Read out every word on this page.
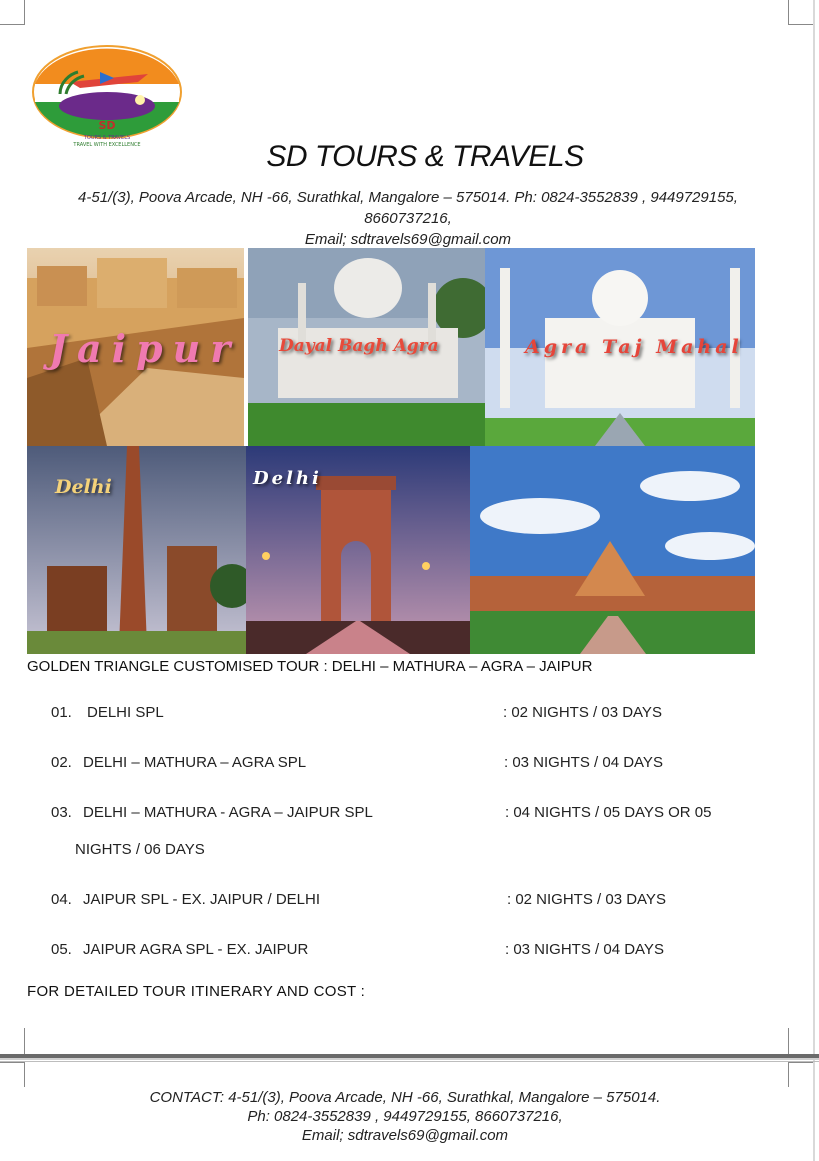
SD
TOURS & TRAVELS
TRAVEL WITH EXCELLENCE	SD TOURS & TRAVELS
4-51/(3), Poova Arcade, NH -66, Surathkal, Mangalore – 575014. Ph: 0824-3552839 , 9449729155,
8660737216,
Email; sdtravels69@gmail.com
Jaipur Dayal Bagh Agra	Agra Taj Mahal
Delhi	Delhi
GOLDEN TRIANGLE CUSTOMISED TOUR : DELHI – MATHURA – AGRA – JAIPUR
01. DELHI SPL	: 02 NIGHTS / 03 DAYS
02. DELHI – MATHURA – AGRA SPL	: 03 NIGHTS / 04 DAYS
03. DELHI – MATHURA - AGRA – JAIPUR SPL	: 04 NIGHTS / 05 DAYS OR 05
NIGHTS / 06 DAYS
04. JAIPUR SPL - EX. JAIPUR / DELHI	: 02 NIGHTS / 03 DAYS
05. JAIPUR AGRA SPL - EX. JAIPUR	: 03 NIGHTS / 04 DAYS
FOR DETAILED TOUR ITINERARY AND COST :
CONTACT: 4-51/(3), Poova Arcade, NH -66, Surathkal, Mangalore – 575014.
Ph: 0824-3552839 , 9449729155, 8660737216,
Email; sdtravels69@gmail.com
